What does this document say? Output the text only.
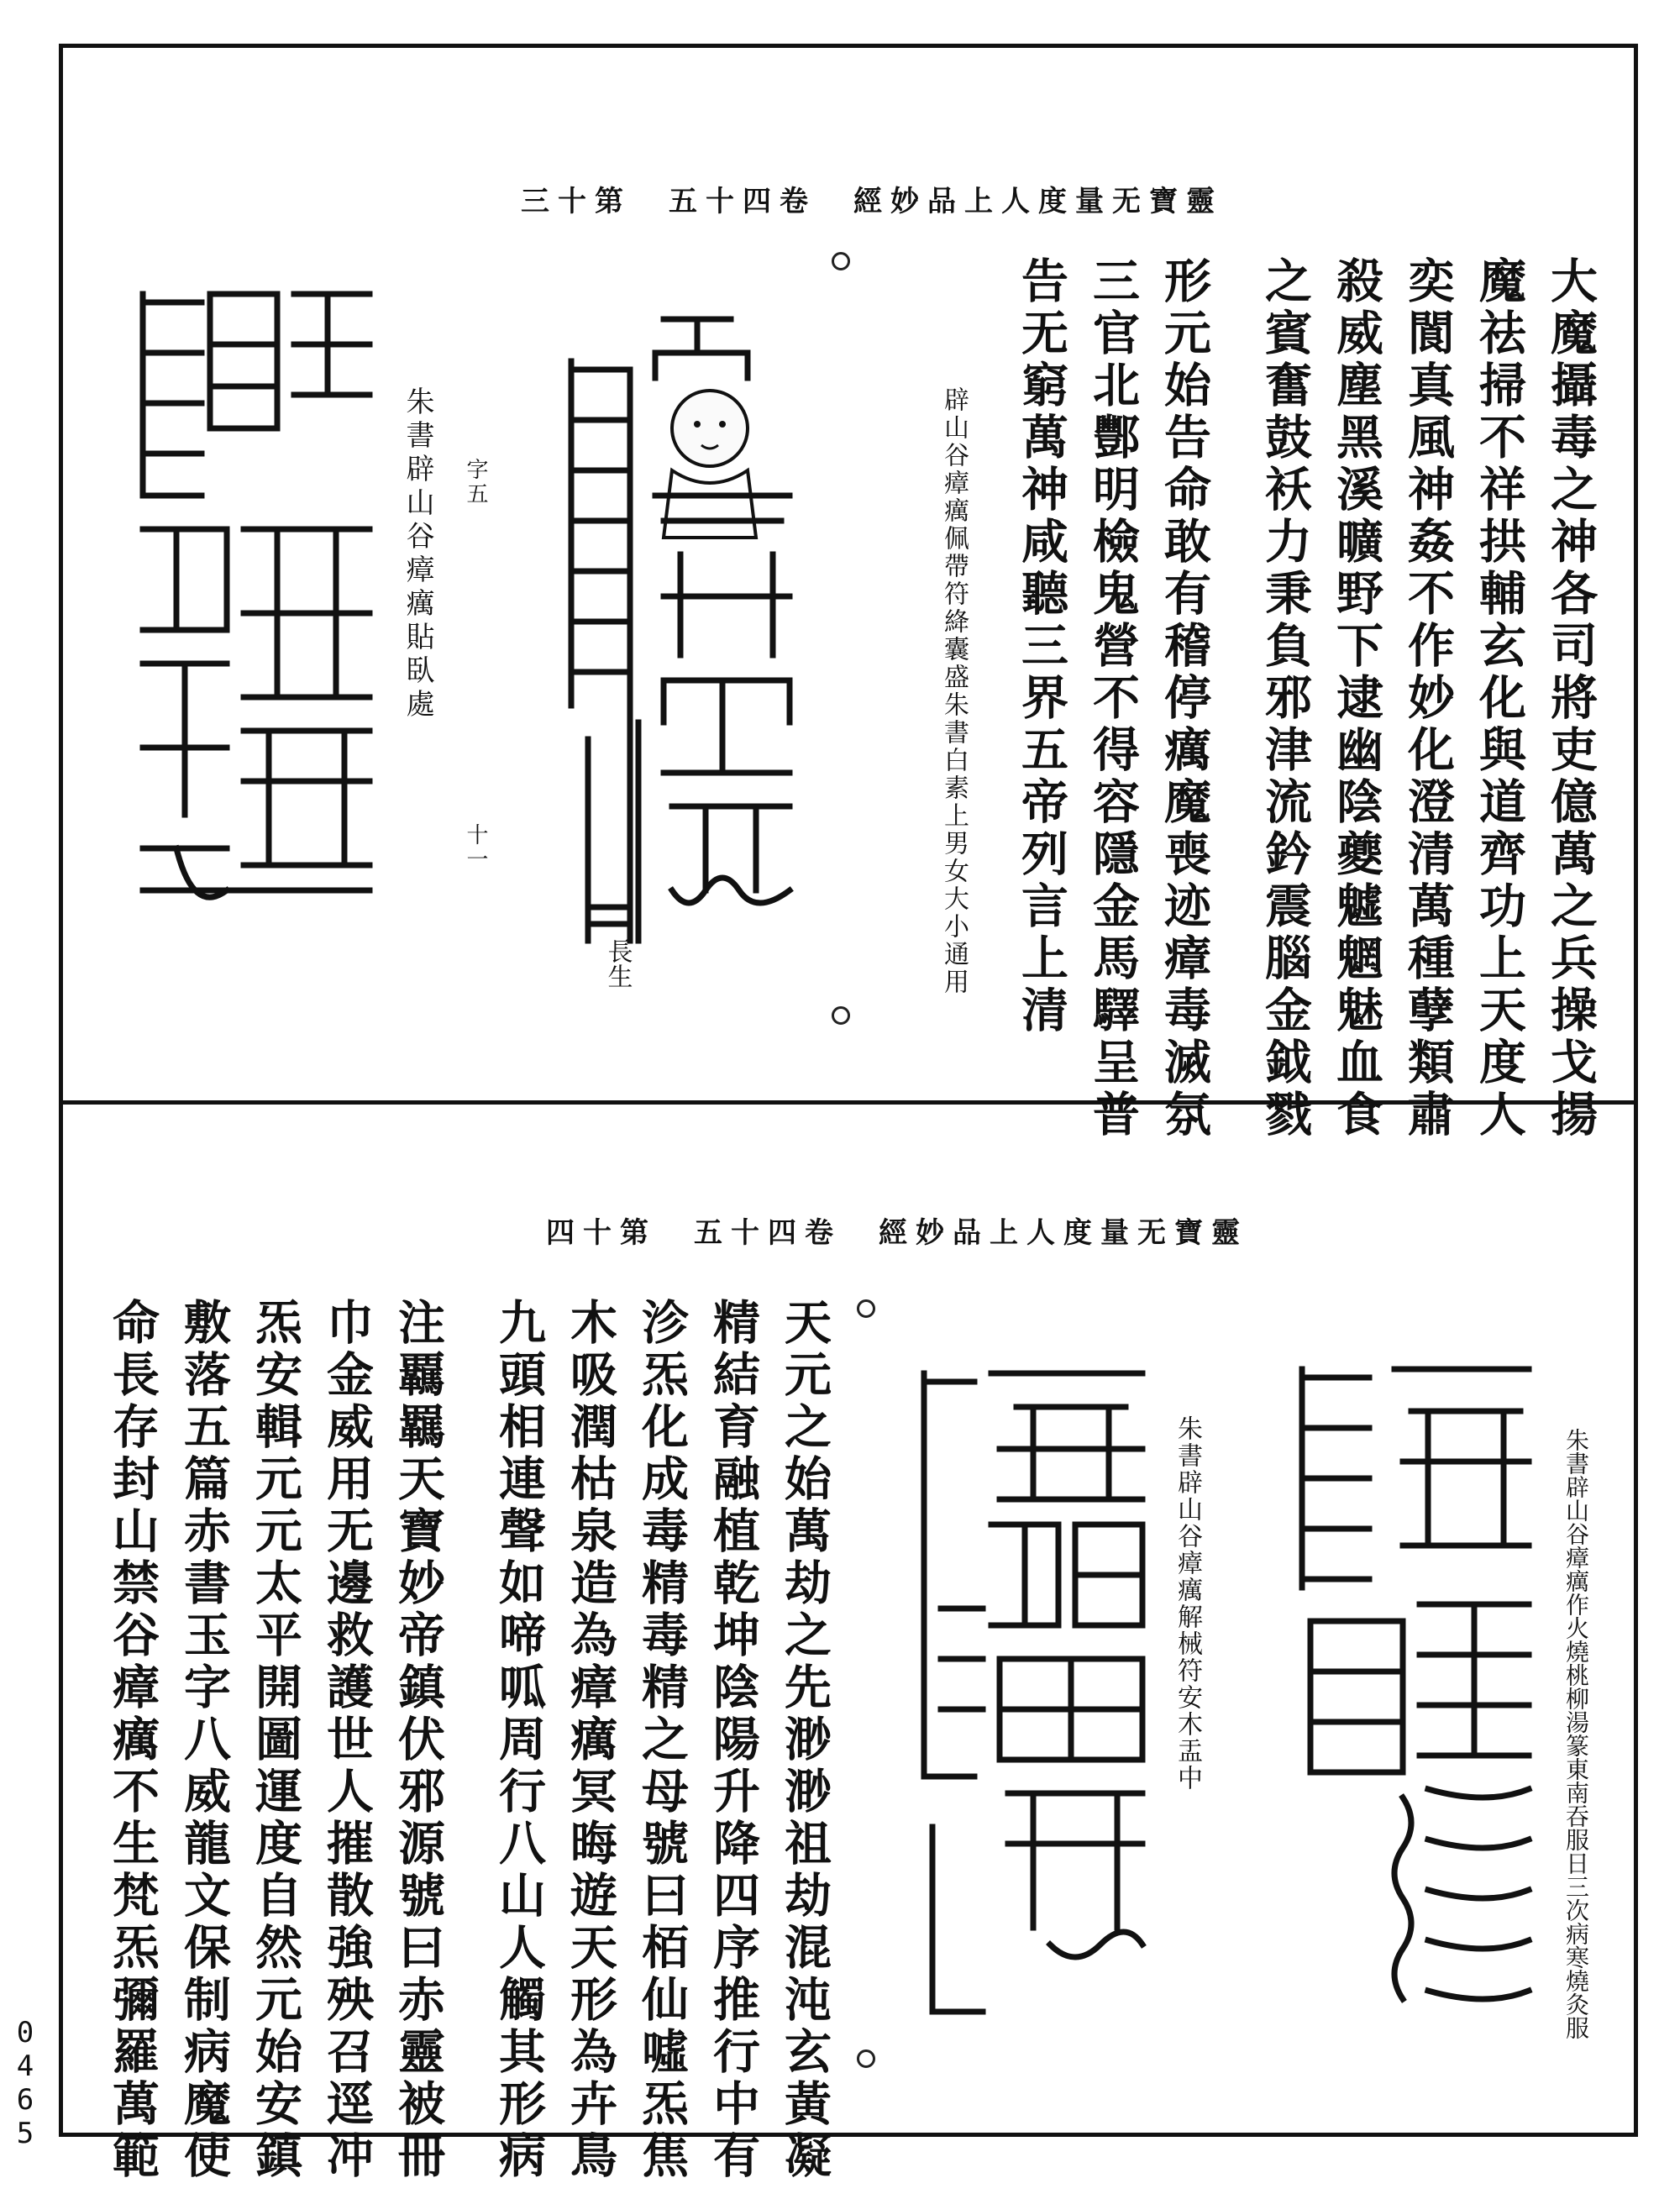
靈寶无量度人上品妙經　卷四十五　第十三
大魔攝毒之神各司將吏億萬之兵操戈揚
魔祛掃不祥拱輔玄化與道齊功上天度人
奕閬真風神姦不作妙化澄清萬種孽類肅
殺威塵黑溪曠野下逮幽陰夔魖魍魅血食
之賓奮鼓袄力秉負邪津流鈐震腦金鉞戮
形元始告命敢有稽停癘魔喪迹瘴毒滅氛
三官北酆明檢鬼營不得容隱金馬驛呈普
告无窮萬神咸聽三界五帝列言上清
辟山谷瘴癘佩帶符絳囊盛朱書白素上男女大小通用
長生
朱書辟山谷瘴癘貼臥處 字五
十一
靈寶无量度人上品妙經　卷四十五　第十四
朱書辟山谷瘴癘作火燒桃柳湯篆東南吞服日三次病寒燒灸服
朱書辟山谷瘴癘解械符安木盂中
天元之始萬劫之先渺渺祖劫混沌玄黃凝
精結育融植乾坤陰陽升降四序推行中有
沴炁化成毒精毒精之母號曰栢仙噓炁焦
木吸潤枯泉造為瘴癘冥晦遊天形為卉鳥
九頭相連聲如啼呱周行八山人觸其形病
注覊羈天寶妙帝鎮伏邪源號曰赤靈被冊
巾金威用无邊救護世人摧散強殃召逕冲
炁安輯元元太平開圖運度自然元始安鎮
敷落五篇赤書玉字八威龍文保制病魔使
命長存封山禁谷瘴癘不生梵炁彌羅萬範
0465
